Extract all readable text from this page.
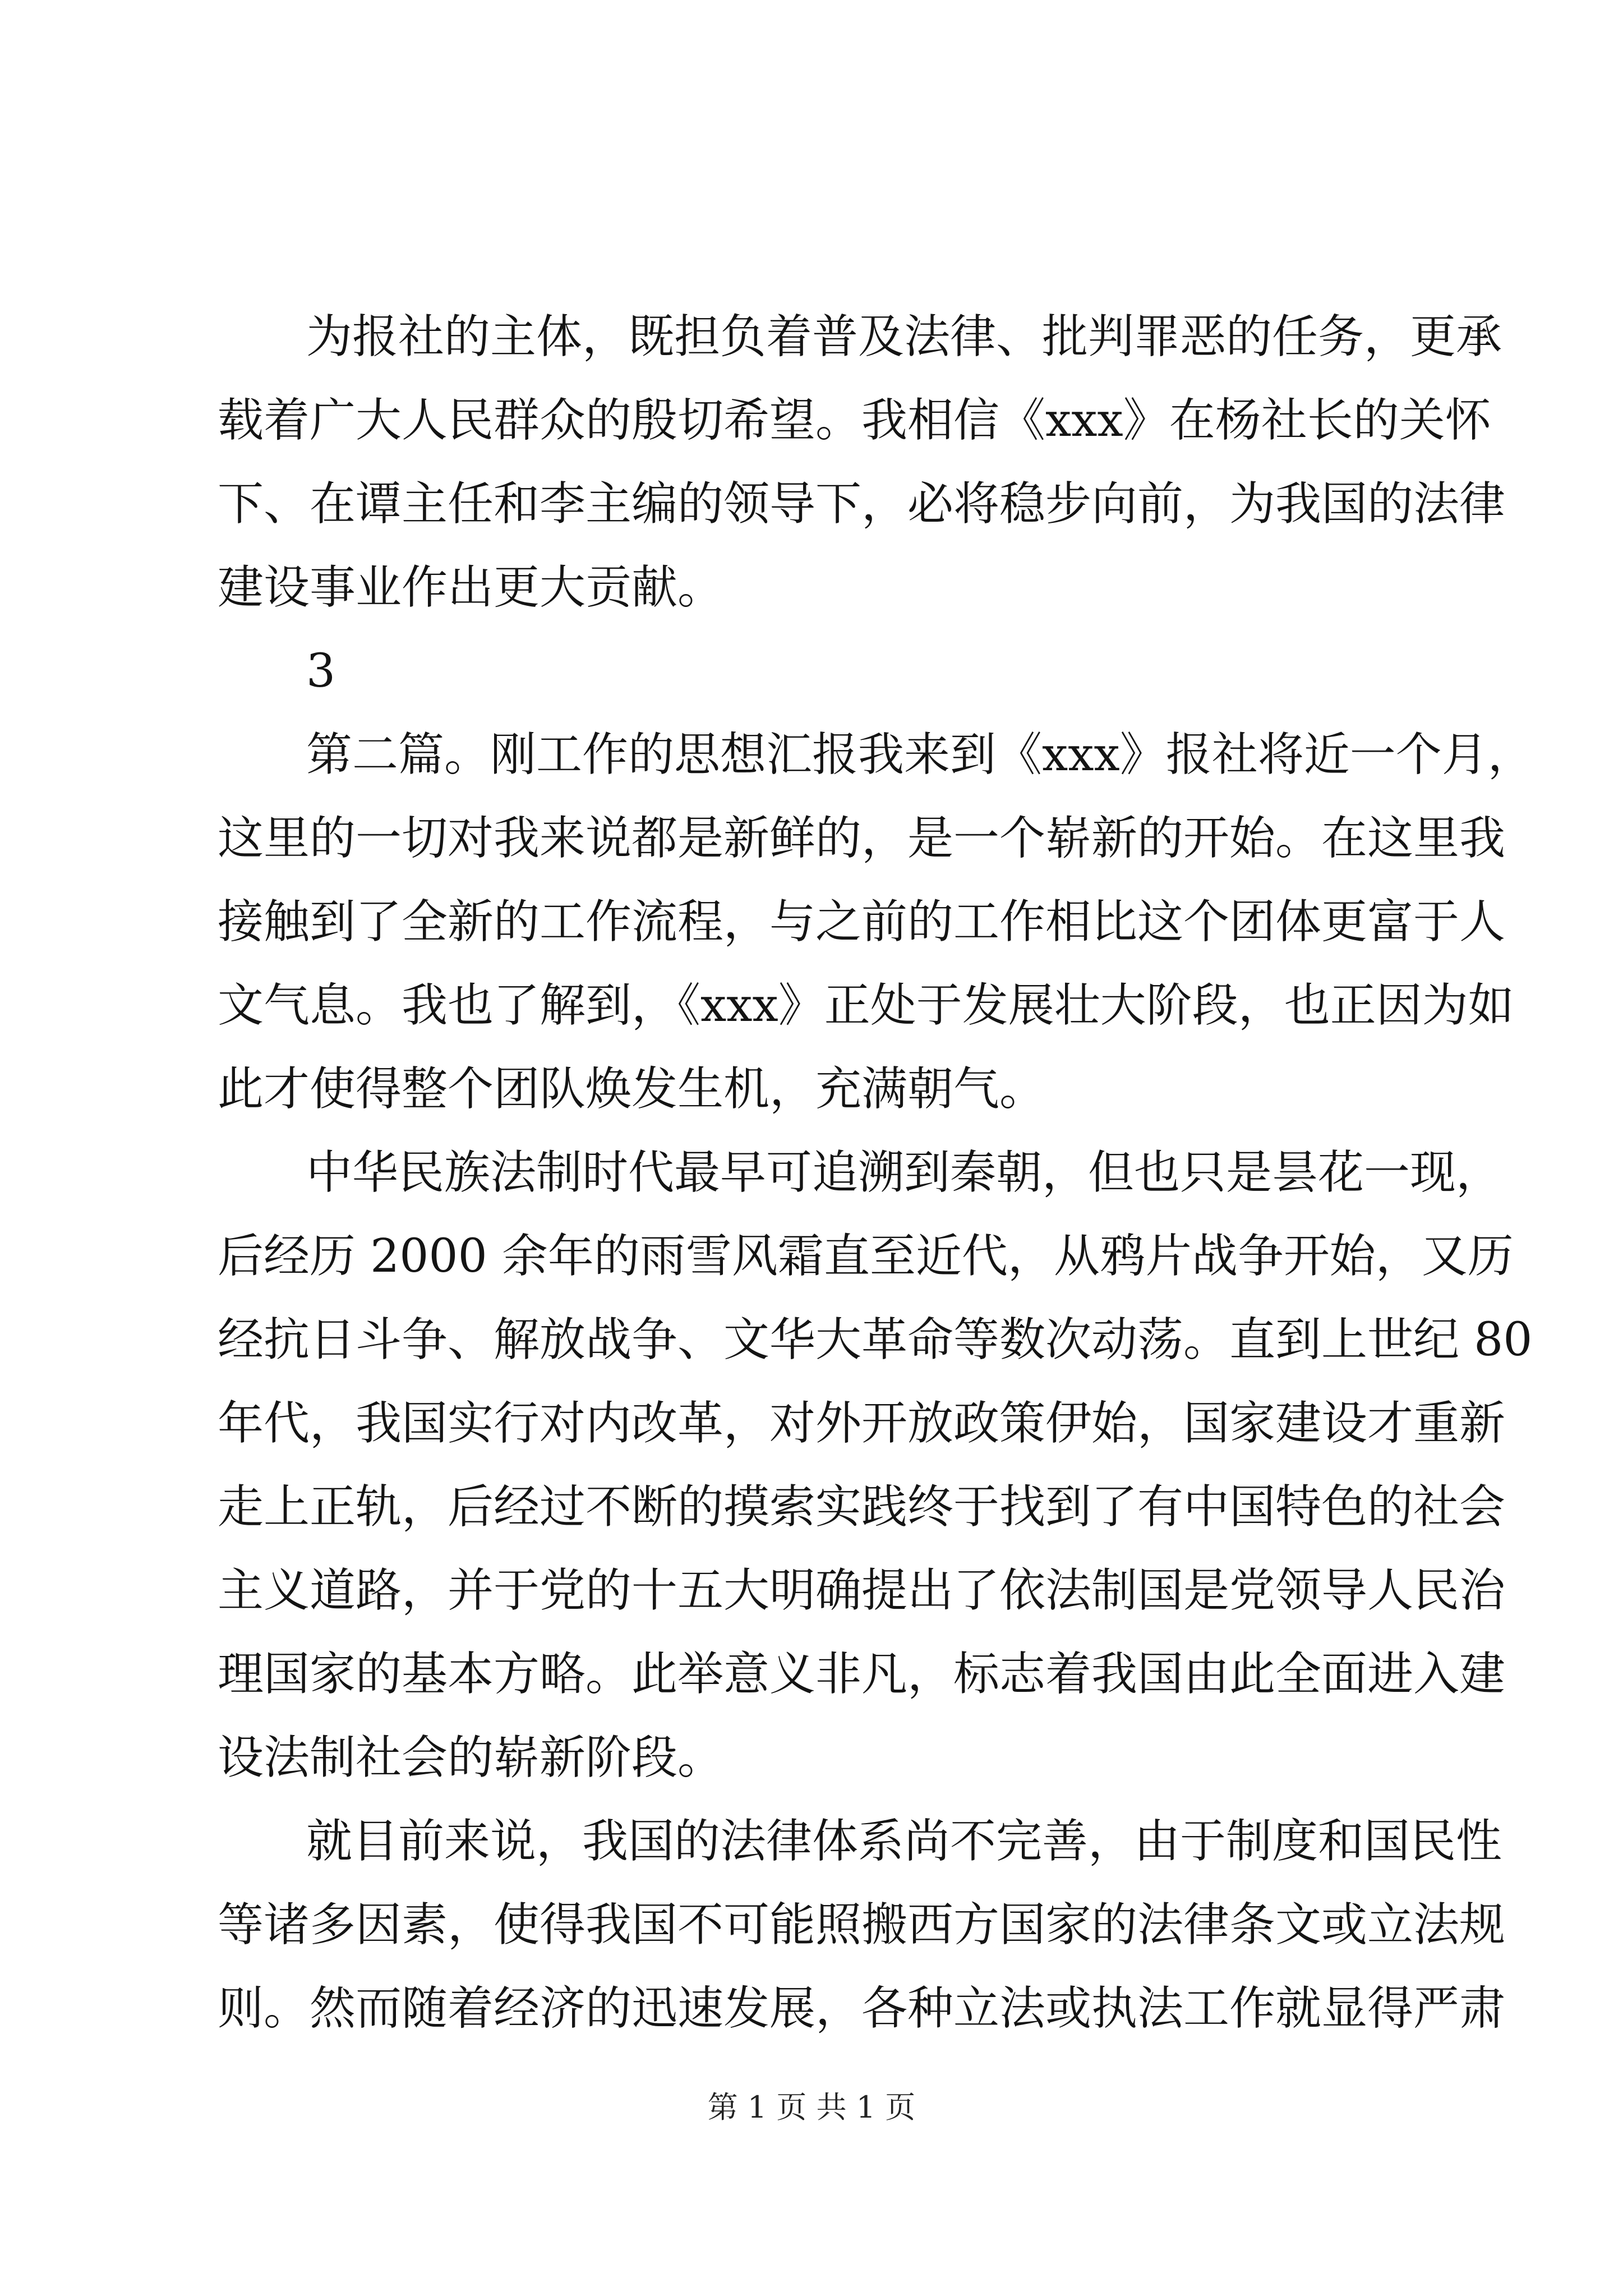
为报社的主体，既担负着普及法律、批判罪恶的任务，更承
载着广大人民群众的殷切希望。我相信《xxx》在杨社长的关怀
下、在谭主任和李主编的领导下，必将稳步向前，为我国的法律
建设事业作出更大贡献。
3
第二篇。刚工作的思想汇报我来到《xxx》报社将近一个月，
这里的一切对我来说都是新鲜的，是一个崭新的开始。在这里我
接触到了全新的工作流程，与之前的工作相比这个团体更富于人
文气息。我也了解到，《xxx》正处于发展壮大阶段，也正因为如
此才使得整个团队焕发生机，充满朝气。
中华民族法制时代最早可追溯到秦朝，但也只是昙花一现，
后经历 2000 余年的雨雪风霜直至近代，从鸦片战争开始，又历
经抗日斗争、解放战争、文华大革命等数次动荡。直到上世纪 80
年代，我国实行对内改革，对外开放政策伊始，国家建设才重新
走上正轨，后经过不断的摸索实践终于找到了有中国特色的社会
主义道路，并于党的十五大明确提出了依法制国是党领导人民治
理国家的基本方略。此举意义非凡，标志着我国由此全面进入建
设法制社会的崭新阶段。
就目前来说，我国的法律体系尚不完善，由于制度和国民性
等诸多因素，使得我国不可能照搬西方国家的法律条文或立法规
则。然而随着经济的迅速发展，各种立法或执法工作就显得严肃
第 1 页 共 1 页
